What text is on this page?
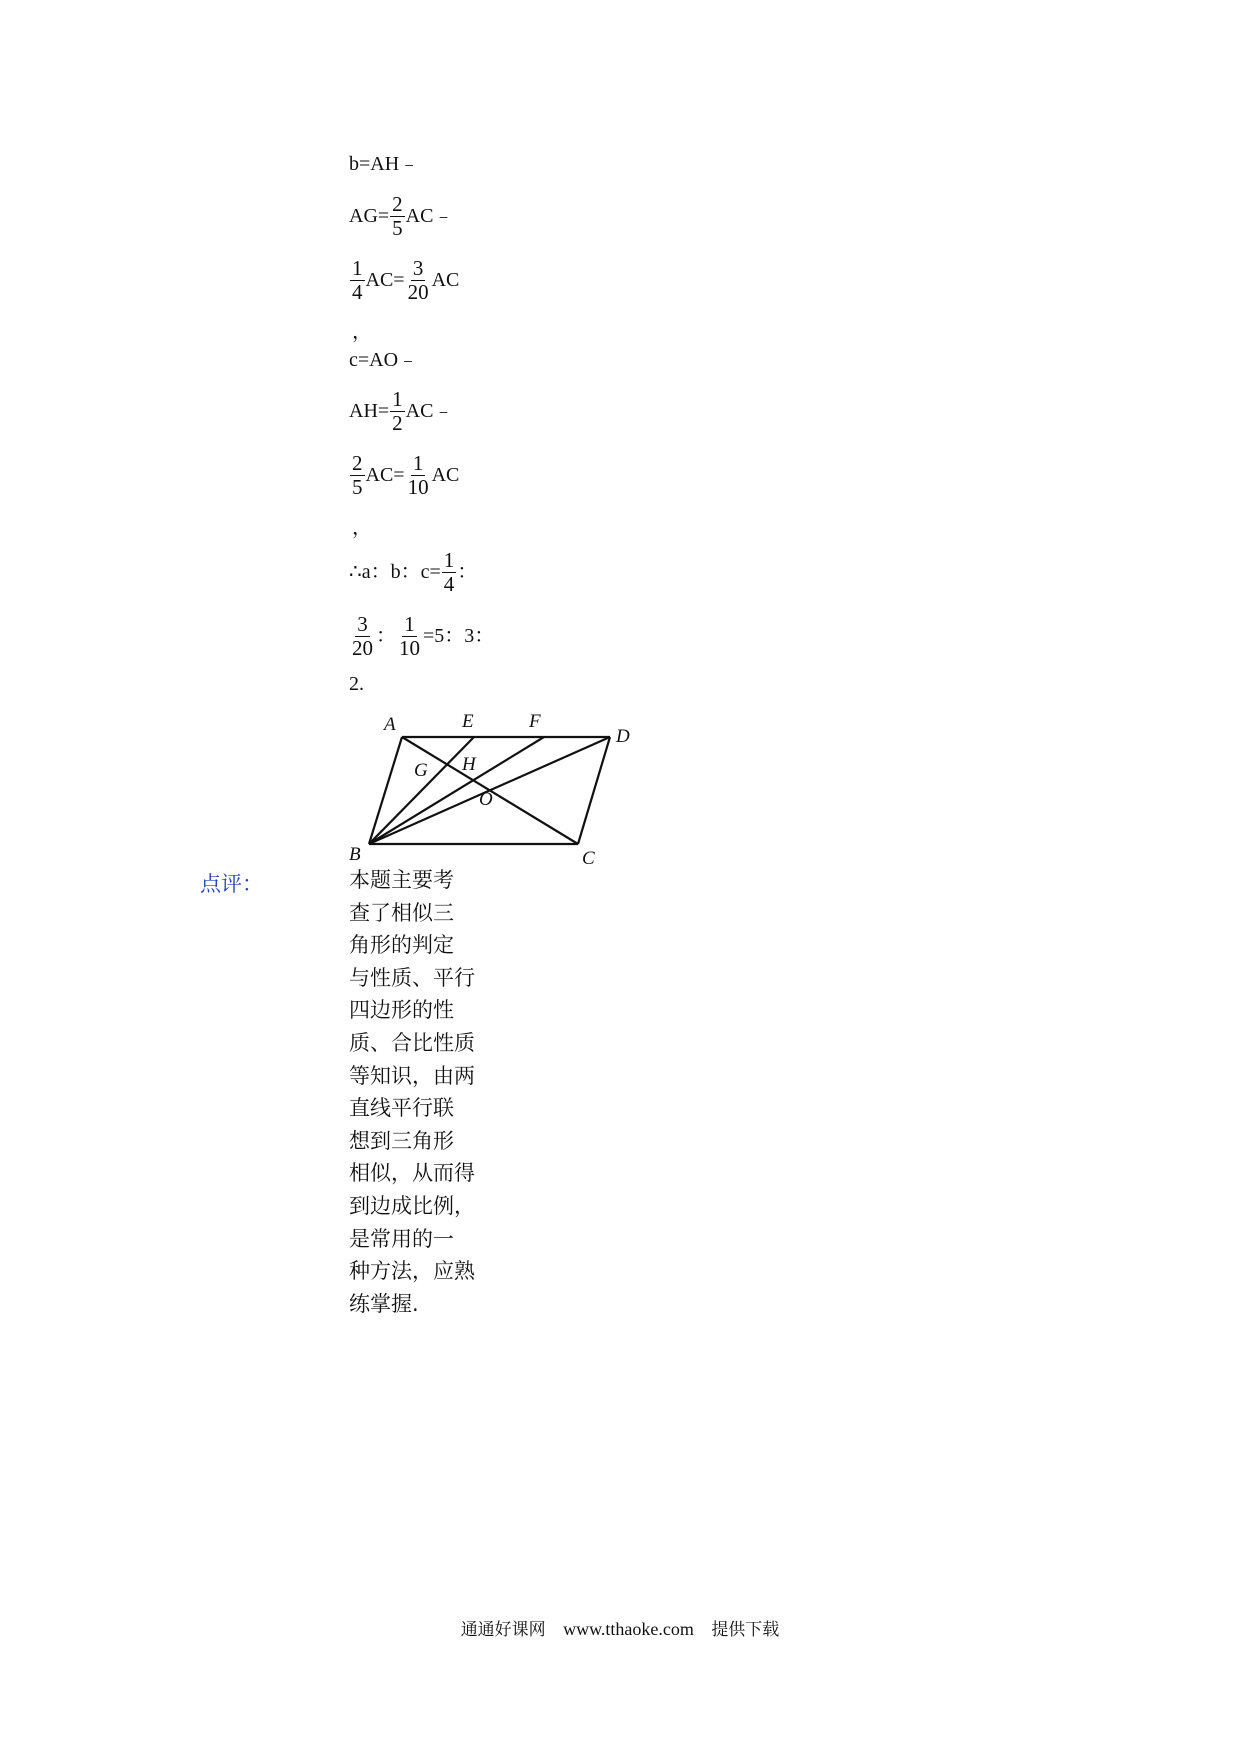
b=AH﹣
$AG= \frac{2}{5}$ AC﹣
$\frac{1}{4} AC= \frac{3}{20}$ AC
，
c=AO﹣
$AH= \frac{1}{2}$ AC﹣
$\frac{2}{5} AC= \frac{1}{10}$ AC
，
∴a：b：$c= \frac{1}{4}$ ：
$\frac{3}{20}$ ： $\frac{1}{10} =5$：3：
2.
A	E	F
D
G H
O
B	C
点评：	本题主要考
查了相似三
角形的判定
与性质、平行
四边形的性
质、合比性质
等知识，由两
直线平行联
想到三角形
相似，从而得
到边成比例，
是常用的一
种方法，应熟
练掌握.
通通好课网 www.tthaoke.com 提供下载
